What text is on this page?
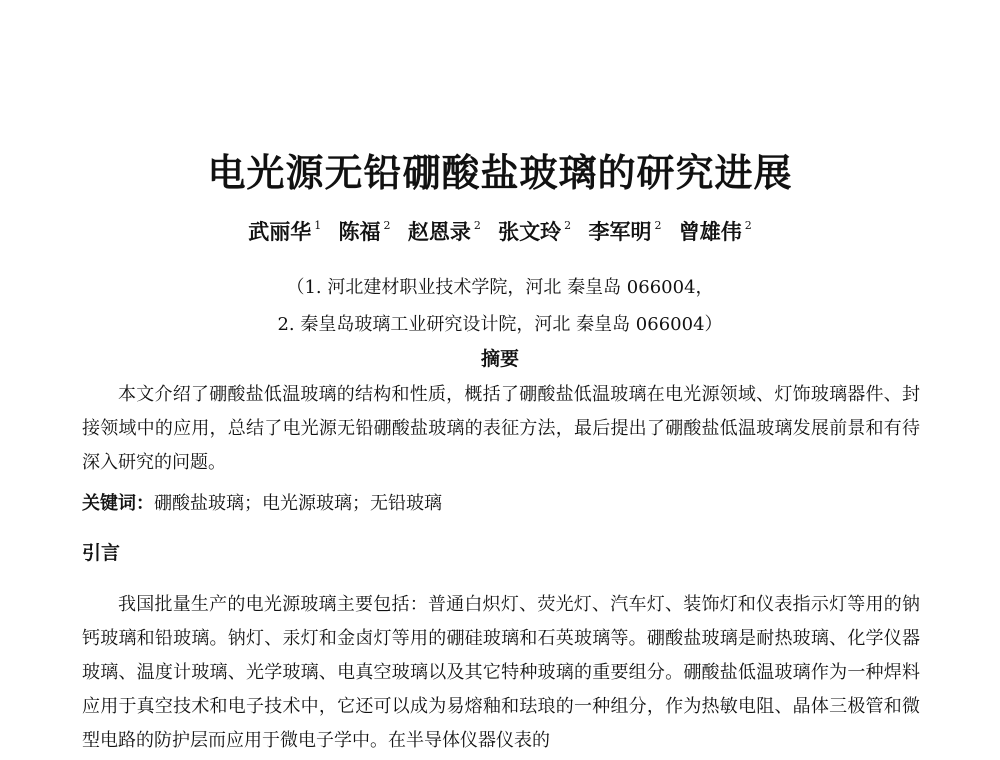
电光源无铅硼酸盐玻璃的研究进展
武丽华 $^1$ 陈福 $^2$ 赵恩录 $^2$ 张文玲 $^2$ 李军明 $^2$ 曾雄伟 $^2$
（1. 河北建材职业技术学院，河北 秦皇岛 066004，
2. 秦皇岛玻璃工业研究设计院，河北 秦皇岛 066004）
摘要

本文介绍了硼酸盐低温玻璃的结构和性质，概括了硼酸盐低温玻璃在电光源领域、灯饰玻璃器件、封接领域中的应用，总结了电光源无铅硼酸盐玻璃的表征方法，最后提出了硼酸盐低温玻璃发展前景和有待深入研究的问题。

关键词：硼酸盐玻璃；电光源玻璃；无铅玻璃
引言

我国批量生产的电光源玻璃主要包括：普通白炽灯、荧光灯、汽车灯、装饰灯和仪表指示灯等用的钠钙玻璃和铅玻璃。钠灯、汞灯和金卤灯等用的硼硅玻璃和石英玻璃等。硼酸盐玻璃是耐热玻璃、化学仪器玻璃、温度计玻璃、光学玻璃、电真空玻璃以及其它特种玻璃的重要组分。硼酸盐低温玻璃作为一种焊料应用于真空技术和电子技术中，它还可以成为易熔釉和珐琅的一种组分，作为热敏电阻、晶体三极管和微型电路的防护层而应用于微电子学中。在半导体仪器仪表的
